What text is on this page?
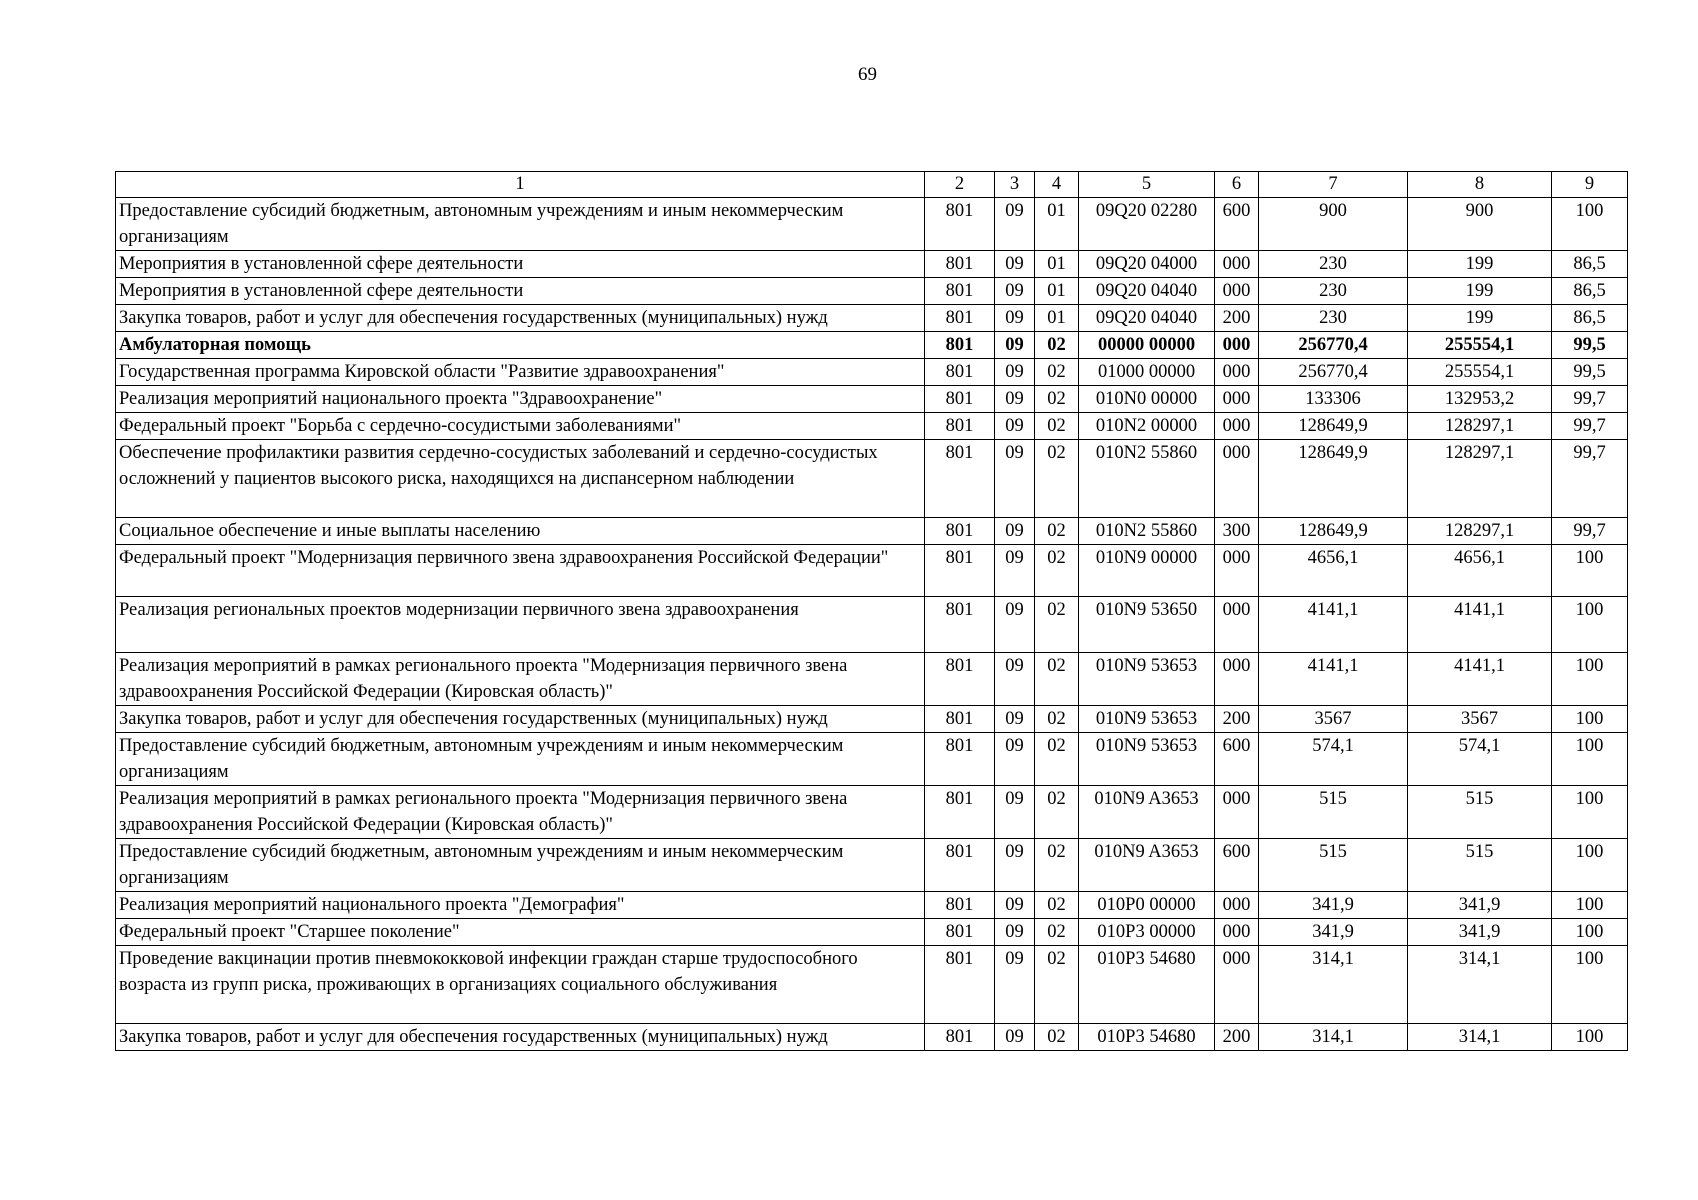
69
1	2	3	4	5	6	7	8	9
Предоставление субсидий бюджетным, автономным учреждениям и иным некоммерческим организациям	801	09	01	09Q20 02280	600	900	900	100
Мероприятия в установленной сфере деятельности	801	09	01	09Q20 04000	000	230	199	86,5
Мероприятия в установленной сфере деятельности	801	09	01	09Q20 04040	000	230	199	86,5
Закупка товаров, работ и услуг для обеспечения государственных (муниципальных) нужд	801	09	01	09Q20 04040	200	230	199	86,5
Амбулаторная помощь	801	09	02	00000 00000	000	256770,4	255554,1	99,5
Государственная программа Кировской области "Развитие здравоохранения"	801	09	02	01000 00000	000	256770,4	255554,1	99,5
Реализация мероприятий национального проекта "Здравоохранение"	801	09	02	010N0 00000	000	133306	132953,2	99,7
Федеральный проект "Борьба с сердечно-сосудистыми заболеваниями"	801	09	02	010N2 00000	000	128649,9	128297,1	99,7
Обеспечение профилактики развития сердечно-сосудистых заболеваний и сердечно-сосудистых осложнений у пациентов высокого риска, находящихся на диспансерном наблюдении	801	09	02	010N2 55860	000	128649,9	128297,1	99,7
Социальное обеспечение и иные выплаты населению	801	09	02	010N2 55860	300	128649,9	128297,1	99,7
Федеральный проект "Модернизация первичного звена здравоохранения Российской Федерации"	801	09	02	010N9 00000	000	4656,1	4656,1	100
Реализация региональных проектов модернизации первичного звена здравоохранения	801	09	02	010N9 53650	000	4141,1	4141,1	100
Реализация мероприятий в рамках регионального проекта "Модернизация первичного звена здравоохранения Российской Федерации (Кировская область)"	801	09	02	010N9 53653	000	4141,1	4141,1	100
Закупка товаров, работ и услуг для обеспечения государственных (муниципальных) нужд	801	09	02	010N9 53653	200	3567	3567	100
Предоставление субсидий бюджетным, автономным учреждениям и иным некоммерческим организациям	801	09	02	010N9 53653	600	574,1	574,1	100
Реализация мероприятий в рамках регионального проекта "Модернизация первичного звена здравоохранения Российской Федерации (Кировская область)"	801	09	02	010N9 A3653	000	515	515	100
Предоставление субсидий бюджетным, автономным учреждениям и иным некоммерческим организациям	801	09	02	010N9 A3653	600	515	515	100
Реализация мероприятий национального проекта "Демография"	801	09	02	010P0 00000	000	341,9	341,9	100
Федеральный проект "Старшее поколение"	801	09	02	010P3 00000	000	341,9	341,9	100
Проведение вакцинации против пневмококковой инфекции граждан старше трудоспособного возраста из групп риска, проживающих в организациях социального обслуживания	801	09	02	010P3 54680	000	314,1	314,1	100
Закупка товаров, работ и услуг для обеспечения государственных (муниципальных) нужд	801	09	02	010P3 54680	200	314,1	314,1	100
